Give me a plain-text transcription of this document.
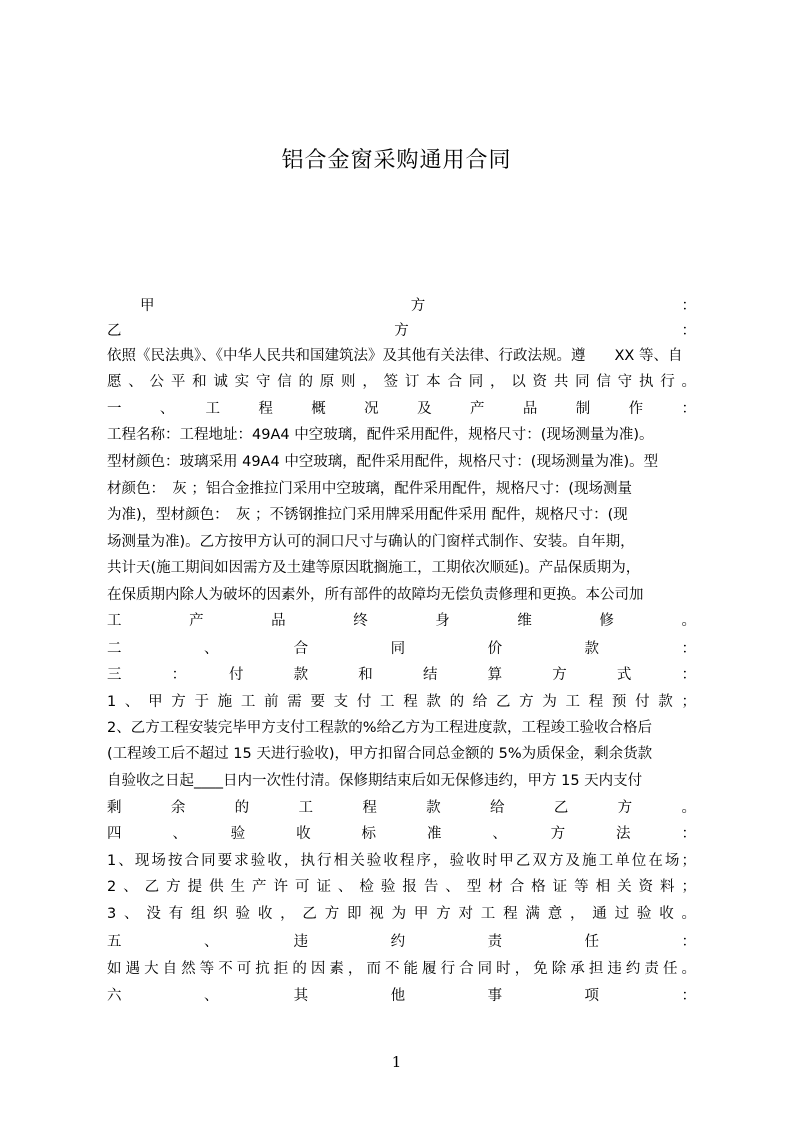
铝合金窗采购通用合同
甲　　　　　　　　　　　　方　　　　　　　　　　　　：
乙　　　　　　　　　　　　方　　　　　　　　　　　　：
依照《民法典》、《中华人民共和国建筑法》及其他有关法律、行政法规。遵　　XX 等、自
愿、公平和诚实守信的原则，签订本合同，以资共同信守执行。
一　、　工　程　概　况　及　产　品　制　作　：
工程名称：工程地址：49A4 中空玻璃，配件采用配件，规格尺寸：(现场测量为准)。
型材颜色：玻璃采用 49A4 中空玻璃，配件采用配件，规格尺寸：(现场测量为准)。型
材颜色：　灰 ；铝合金推拉门采用中空玻璃，配件采用配件，规格尺寸：(现场测量
为准)，型材颜色：　灰 ；不锈钢推拉门采用牌采用配件采用 配件，规格尺寸：(现
场测量为准)。乙方按甲方认可的洞口尺寸与确认的门窗样式制作、安装。自年期，
共计天(施工期间如因需方及土建等原因耽搁施工，工期依次顺延)。产品保质期为，
在保质期内除人为破坏的因素外，所有部件的故障均无偿负责修理和更换。本公司加
工　产　品　终　身　维　修　。
二　、　合　同　价　款　：
三　：　付　款　和　结　算　方　式　：
1、甲方于施工前需要支付工程款的给乙方为工程预付款；
2、乙方工程安装完毕甲方支付工程款的%给乙方为工程进度款，工程竣工验收合格后
(工程竣工后不超过 15 天进行验收)，甲方扣留合同总金额的 5%为质保金，剩余货款
自验收之日起____日内一次性付清。保修期结束后如无保修违约，甲方 15 天内支付
剩　余　的　工　程　款　给　乙　方　。
四　、　验　收　标　准　、　方　法　：
1、现场按合同要求验收，执行相关验收程序，验收时甲乙双方及施工单位在场；
2、乙方提供生产许可证、检验报告、型材合格证等相关资料；
3、没有组织验收，乙方即视为甲方对工程满意，通过验收。
五　、　违　约　责　任　：
如遇大自然等不可抗拒的因素，而不能履行合同时，免除承担违约责任。
六　、　其　他　事　项　：
1
